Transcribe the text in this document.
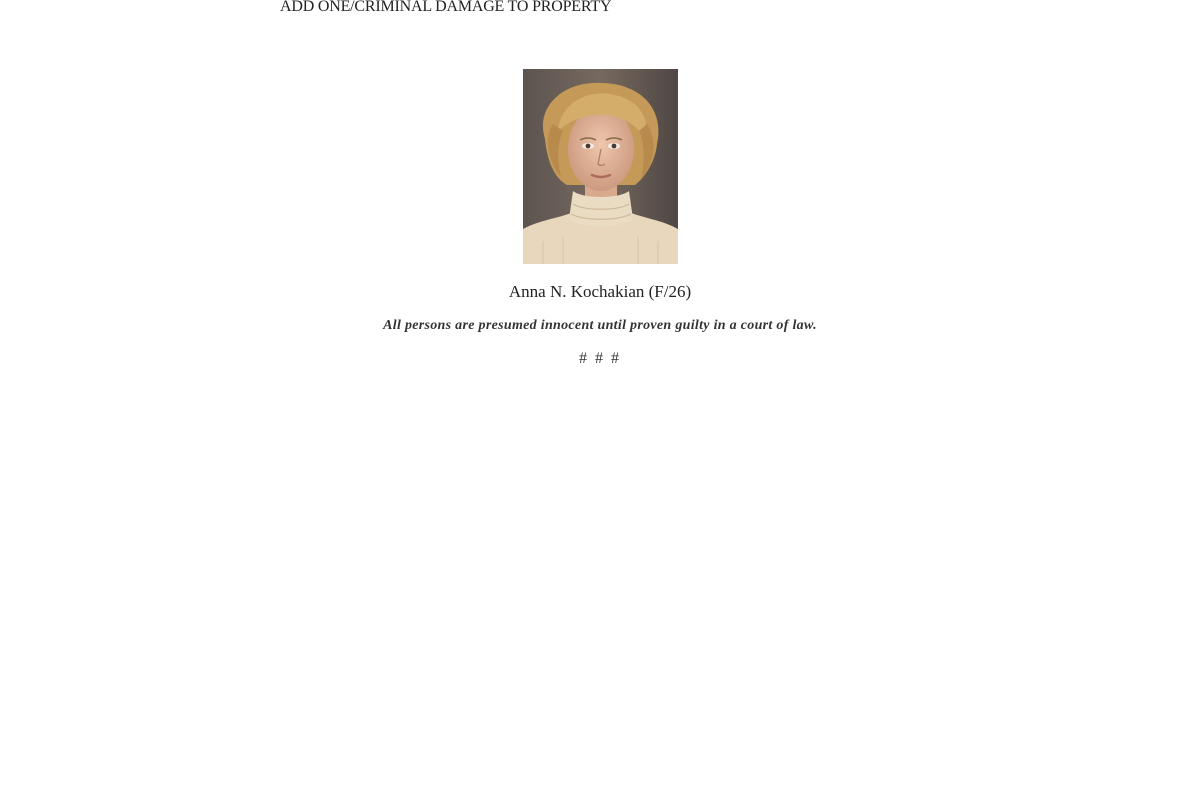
ADD ONE/CRIMINAL DAMAGE TO PROPERTY
Anna N. Kochakian (F/26)
All persons are presumed innocent until proven guilty in a court of law.
# # #
